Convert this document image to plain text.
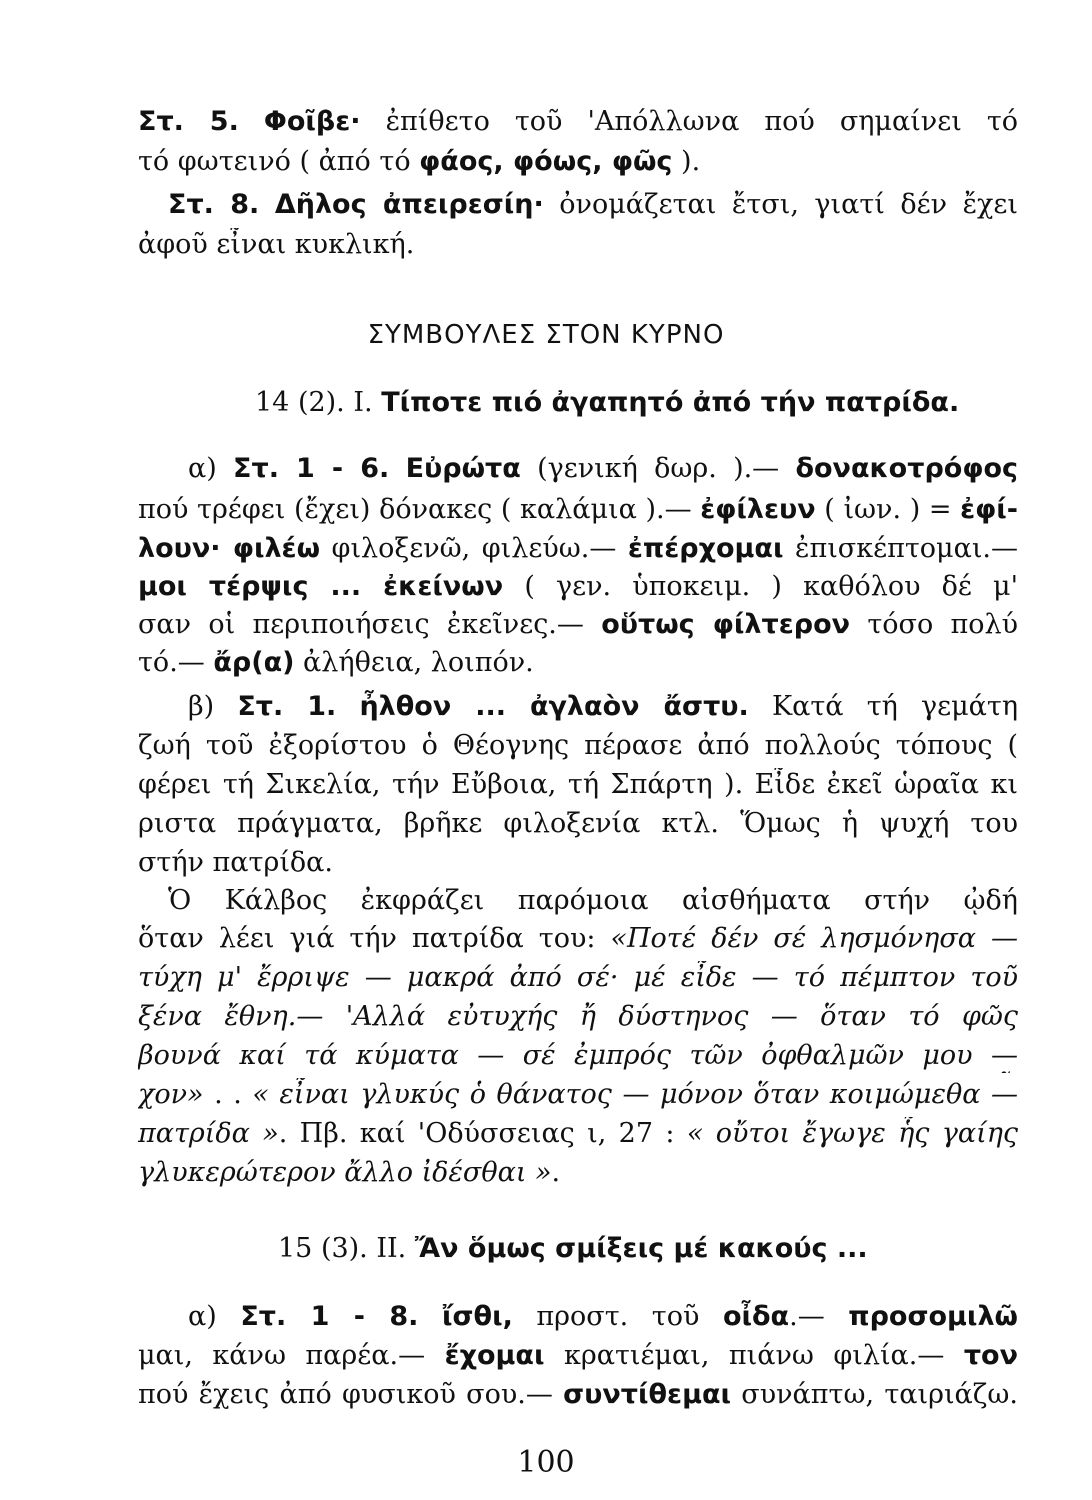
Στ. 5. Φοῖβε· ἐπίθετο τοῦ 'Απόλλωνα πού σημαίνει τό
τό φωτεινό ( ἀπό τό φάος, φόως, φῶς ).
Στ. 8. Δῆλος ἀπειρεσίη· ὀνομάζεται ἔτσι, γιατί δέν ἔχει
ἀφοῦ εἶναι κυκλική.
ΣΥΜΒΟΥΛΕΣ ΣΤΟΝ ΚΥΡΝΟ
14 (2). I. Τίποτε πιό ἀγαπητό ἀπό τήν πατρίδα.
α) Στ. 1 - 6. Εὐρώτα (γενική δωρ. ).— δονακοτρόφος
πού τρέφει (ἔχει) δόνακες ( καλάμια ).— ἐφίλευν ( ἰων. ) = ἐφί-
λουν· φιλέω φιλοξενῶ, φιλεύω.— ἐπέρχομαι ἐπισκέπτομαι.—
μοι τέρψις ... ἐκείνων ( γεν. ὑποκειμ. ) καθόλου δέ μ'
σαν οἱ περιποιήσεις ἐκεῖνες.— οὕτως φίλτερον τόσο πολύ
τό.— ἄρ(α) ἀλήθεια, λοιπόν.
β) Στ. 1. ἦλθον ... ἀγλαὸν ἄστυ. Κατά τή γεμάτη
ζωή τοῦ ἐξορίστου ὁ Θέογνης πέρασε ἀπό πολλούς τόπους (
φέρει τή Σικελία, τήν Εὔβοια, τή Σπάρτη ). Εἶδε ἐκεῖ ὡραῖα κι
ριστα πράγματα, βρῆκε φιλοξενία κτλ. Ὅμως ἡ ψυχή του
στήν πατρίδα.
Ὁ Κάλβος ἐκφράζει παρόμοια αἰσθήματα στήν ᾠδή
ὅταν λέει γιά τήν πατρίδα του: «Ποτέ δέν σέ λησμόνησα —
τύχη μ' ἔρριψε — μακρά ἀπό σέ· μέ εἶδε — τό πέμπτον τοῦ
ξένα ἔθνη.— 'Αλλά εὐτυχής ἤ δύστηνος — ὅταν τό φῶς
βουνά καί τά κύματα — σέ ἐμπρός τῶν ὀφθαλμῶν μου —
χον» . . « εἶναι γλυκύς ὁ θάνατος — μόνον ὅταν κοιμώμεθα —
πατρίδα ». Πβ. καί 'Οδύσσειας ι, 27 : « οὔτοι ἔγωγε ἧς γαίης
γλυκερώτερον ἄλλο ἰδέσθαι ».
15 (3). II. Ἄν ὅμως σμίξεις μέ κακούς ...
α) Στ. 1 - 8. ἴσθι, προστ. τοῦ οἶδα.— προσομιλῶ
μαι, κάνω παρέα.— ἔχομαι κρατιέμαι, πιάνω φιλία.— τον
πού ἔχεις ἀπό φυσικοῦ σου.— συντίθεμαι συνάπτω, ταιριάζω.
100
